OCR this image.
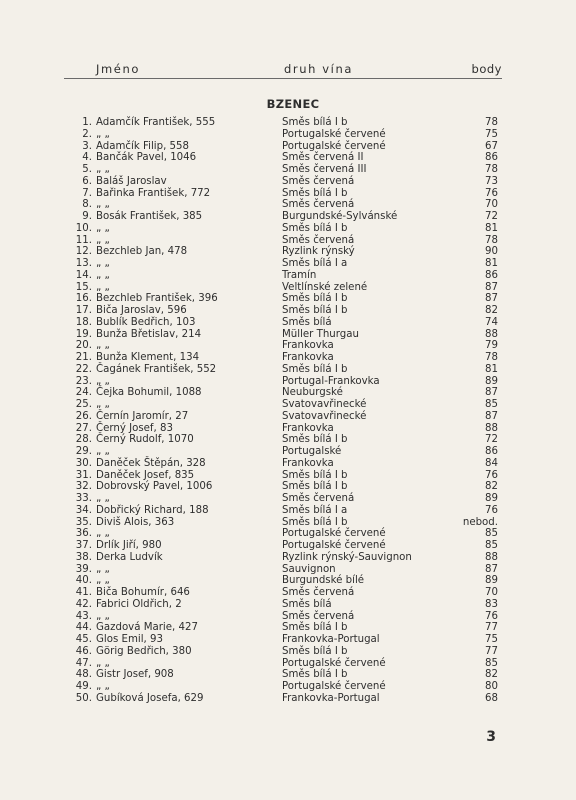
Jméno	druh vína	body
BZENEC
1. Adamčík František, 555	Směs bílá I b	78
2. „ „	Portugalské červené	75
3. Adamčík Filip, 558	Portugalské červené	67
4. Bančák Pavel, 1046	Směs červená II	86
5. „ „	Směs červená III	78
6. Baláš Jaroslav	Směs červená	73
7. Bařinka František, 772	Směs bílá I b	76
8. „ „	Směs červená	70
9. Bosák František, 385	Burgundské-Sylvánské	72
10. „ „	Směs bílá I b	81
11. „ „	Směs červená	78
12. Bezchleb Jan, 478	Ryzlink rýnský	90
13. „ „	Směs bílá I a	81
14. „ „	Tramín	86
15. „ „	Veltlínské zelené	87
16. Bezchleb František, 396	Směs bílá I b	87
17. Biča Jaroslav, 596	Směs bílá I b	82
18. Bublík Bedřich, 103	Směs bílá	74
19. Bunža Břetislav, 214	Müller Thurgau	88
20. „ „	Frankovka	79
21. Bunža Klement, 134	Frankovka	78
22. Čagánek František, 552	Směs bílá I b	81
23. „ „	Portugal-Frankovka	89
24. Čejka Bohumil, 1088	Neuburgské	87
25. „ „	Svatovavřinecké	85
26. Černín Jaromír, 27	Svatovavřinecké	87
27. Černý Josef, 83	Frankovka	88
28. Černý Rudolf, 1070	Směs bílá I b	72
29. „ „	Portugalské	86
30. Daněček Štěpán, 328	Frankovka	84
31. Daněček Josef, 835	Směs bílá I b	76
32. Dobrovský Pavel, 1006	Směs bílá I b	82
33. „ „	Směs červená	89
34. Dobřický Richard, 188	Směs bílá I a	76
35. Diviš Alois, 363	Směs bílá I b	nebod.
36. „ „	Portugalské červené	85
37. Drlík Jiří, 980	Portugalské červené	85
38. Derka Ludvík	Ryzlink rýnský-Sauvignon	88
39. „ „	Sauvignon	87
40. „ „	Burgundské bílé	89
41. Biča Bohumír, 646	Směs červená	70
42. Fabrici Oldřich, 2	Směs bílá	83
43. „ „	Směs červená	76
44. Gazdová Marie, 427	Směs bílá I b	77
45. Glos Emil, 93	Frankovka-Portugal	75
46. Görig Bedřich, 380	Směs bílá I b	77
47. „ „	Portugalské červené	85
48. Gistr Josef, 908	Směs bílá I b	82
49. „ „	Portugalské červené	80
50. Gubíková Josefa, 629	Frankovka-Portugal	68
3
